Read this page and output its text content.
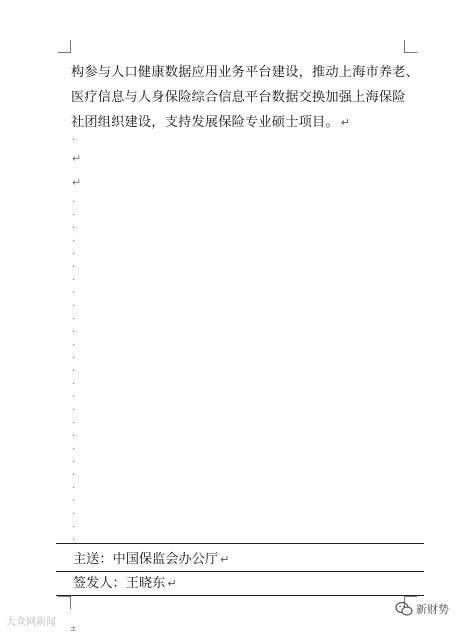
构参与人口健康数据应用业务平台建设，推动上海市养老、
医疗信息与人身保险综合信息平台数据交换加强上海保险
社团组织建设，支持发展保险专业硕士项目。 ↵
·
↵
↵
·
·
·
·
·
·
·
·
·
·
·
·
·
·
·
·
·
·
·
·
·
·
·
·
·
·
·
主送：中国保监会办公厅 ↵
签发人：王晓东 ↵
±
大众网新闻
新财势
